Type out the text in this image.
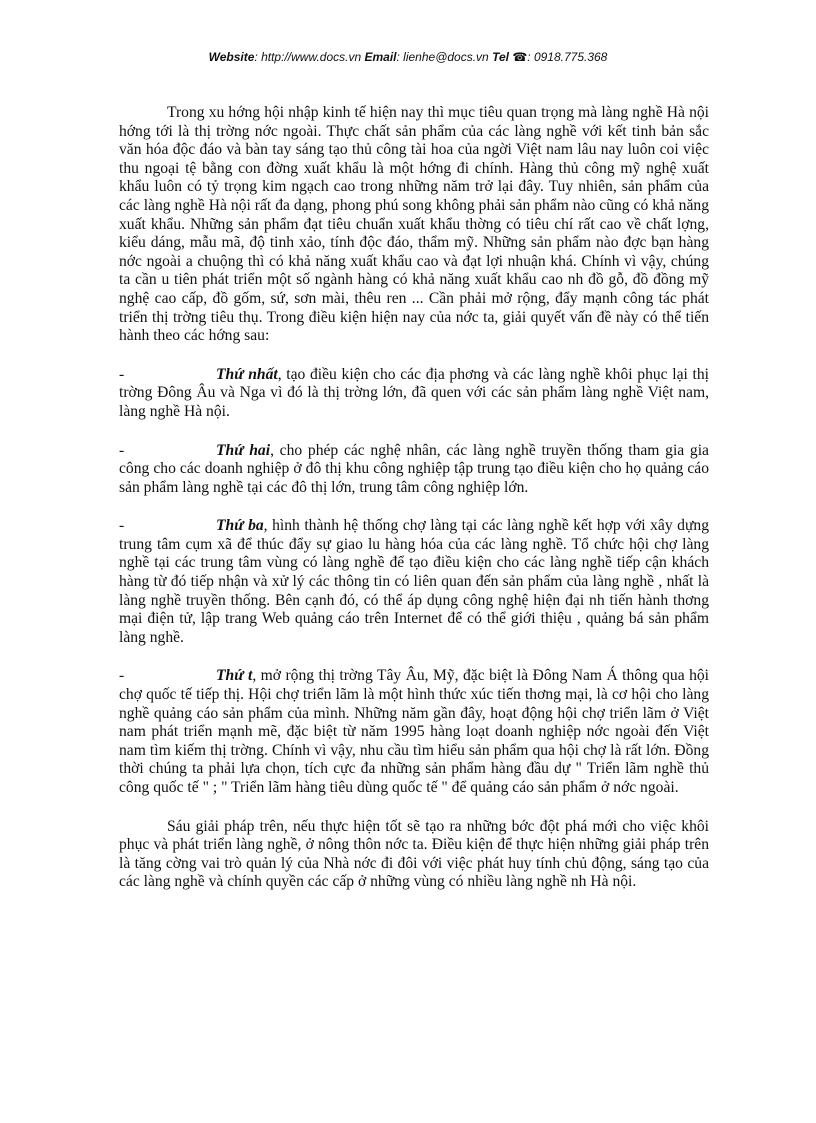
Website: http://www.docs.vn Email: lienhe@docs.vn Tel ☎: 0918.775.368

Trong xu hớng hội nhập kinh tế hiện nay thì mục tiêu quan trọng mà làng nghề Hà nội hớng tới là thị trờng nớc ngoài. Thực chất sản phẩm của các làng nghề với kết tinh bản sắc văn hóa độc đáo và bàn tay sáng tạo thủ công tài hoa của ngời Việt nam lâu nay luôn coi việc thu ngoại tệ bằng con đờng xuất khẩu là một hớng đi chính. Hàng thủ công mỹ nghệ xuất khẩu luôn có tỷ trọng kim ngạch cao trong những năm trở lại đây. Tuy nhiên, sản phẩm của các làng nghề Hà nội rất đa dạng, phong phú song không phải sản phẩm nào cũng có khả năng xuất khẩu. Những sản phẩm đạt tiêu chuẩn xuất khẩu thờng có tiêu chí rất cao về chất lợng, kiểu dáng, mẫu mã, độ tinh xảo, tính độc đáo, thẩm mỹ. Những sản phẩm nào đợc bạn hàng nớc ngoài a chuộng thì có khả năng xuất khẩu cao và đạt lợi nhuận khá. Chính vì vậy, chúng ta cần u tiên phát triển một số ngành hàng có khả năng xuất khẩu cao nh đồ gỗ, đồ đồng mỹ nghệ cao cấp, đồ gốm, sứ, sơn mài, thêu ren ... Cần phải mở rộng, đẩy mạnh công tác phát triển thị trờng tiêu thụ. Trong điều kiện hiện nay của nớc ta, giải quyết vấn đề này có thể tiến hành theo các hớng sau:

-	Thứ nhất, tạo điều kiện cho các địa phơng và các làng nghề khôi phục lại thị trờng Đông Âu và Nga vì đó là thị trờng lớn, đã quen với các sản phẩm làng nghề Việt nam, làng nghề Hà nội.

-	Thứ hai, cho phép các nghệ nhân, các làng nghề truyền thống tham gia gia công cho các doanh nghiệp ở đô thị khu công nghiệp tập trung tạo điều kiện cho họ quảng cáo sản phẩm làng nghề tại các đô thị lớn, trung tâm công nghiệp lớn.

-	Thứ ba, hình thành hệ thống chợ làng tại các làng nghề kết hợp với xây dựng trung tâm cụm xã để thúc đẩy sự giao lu hàng hóa của các làng nghề. Tổ chức hội chợ làng nghề tại các trung tâm vùng có làng nghề để tạo điều kiện cho các làng nghề tiếp cận khách hàng từ đó tiếp nhận và xử lý các thông tin có liên quan đến sản phẩm của làng nghề , nhất là làng nghề truyền thống. Bên cạnh đó, có thể áp dụng công nghệ hiện đại nh tiến hành thơng mại điện tử, lập trang Web quảng cáo trên Internet để có thể giới thiệu , quảng bá sản phẩm làng nghề.

-	Thứ t, mở rộng thị trờng Tây Âu, Mỹ, đặc biệt là Đông Nam Á thông qua hội chợ quốc tế tiếp thị. Hội chợ triển lãm là một hình thức xúc tiến thơng mại, là cơ hội cho làng nghề quảng cáo sản phẩm của mình. Những năm gần đây, hoạt động hội chợ triển lãm ở Việt nam phát triển mạnh mẽ, đặc biệt từ năm 1995 hàng loạt doanh nghiệp nớc ngoài đến Việt nam tìm kiếm thị trờng. Chính vì vậy, nhu cầu tìm hiểu sản phẩm qua hội chợ là rất lớn. Đồng thời chúng ta phải lựa chọn, tích cực đa những sản phẩm hàng đầu dự " Triển lãm nghề thủ công quốc tế " ; " Triển lãm hàng tiêu dùng quốc tế " để quảng cáo sản phẩm ở nớc ngoài.

Sáu giải pháp trên, nếu thực hiện tốt sẽ tạo ra những bớc đột phá mới cho việc khôi phục và phát triển làng nghề, ở nông thôn nớc ta. Điều kiện để thực hiện những giải pháp trên là tăng cờng vai trò quản lý của Nhà nớc đi đôi với việc phát huy tính chủ động, sáng tạo của các làng nghề và chính quyền các cấp ở những vùng có nhiều làng nghề nh Hà nội.
